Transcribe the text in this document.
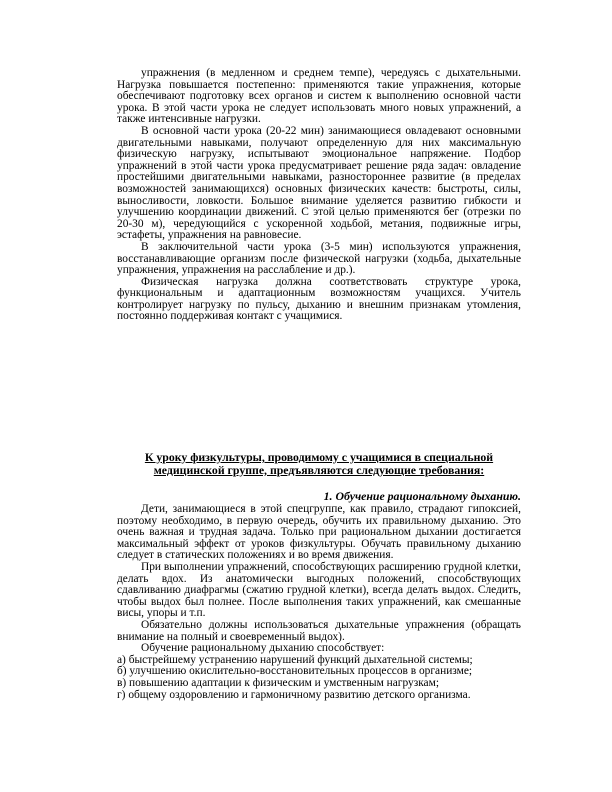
упражнения (в медленном и среднем темпе), чередуясь с дыхательными. Нагрузка повышается постепенно: применяются такие упражнения, которые обеспечивают подготовку всех органов и систем к выполнению основной части урока. В этой части урока не следует использовать много новых упражнений, а также интенсивные нагрузки.

В основной части урока (20-22 мин) занимающиеся овладевают основными двигательными навыками, получают определенную для них максимальную физическую нагрузку, испытывают эмоциональное напряжение. Подбор упражнений в этой части урока предусматривает решение ряда задач: овладение простейшими двигательными навыками, разностороннее развитие (в пределах возможностей занимающихся) основных физических качеств: быстроты, силы, выносливости, ловкости. Большое внимание уделяется развитию гибкости и улучшению координации движений. С этой целью применяются бег (отрезки по 20-30 м), чередующийся с ускоренной ходьбой, метания, подвижные игры, эстафеты, упражнения на равновесие.

В заключительной части урока (3-5 мин) используются упражнения, восстанавливающие организм после физической нагрузки (ходьба, дыхательные упражнения, упражнения на расслабление и др.).

Физическая нагрузка должна соответствовать структуре урока, функциональным и адаптационным возможностям учащихся. Учитель контролирует нагрузку по пульсу, дыханию и внешним признакам утомления, постоянно поддерживая контакт с учащимися.

К уроку физкультуры, проводимому с учащимися в специальной медицинской группе, предъявляются следующие требования:
1. Обучение рациональному дыханию.

Дети, занимающиеся в этой спецгруппе, как правило, страдают гипоксией, поэтому необходимо, в первую очередь, обучить их правильному дыханию. Это очень важная и трудная задача. Только при рациональном дыхании достигается максимальный эффект от уроков физкультуры. Обучать правильному дыханию следует в статических положениях и во время движения.

При выполнении упражнений, способствующих расширению грудной клетки, делать вдох. Из анатомически выгодных положений, способствующих сдавливанию диафрагмы (сжатию грудной клетки), всегда делать выдох. Следить, чтобы выдох был полнее. После выполнения таких упражнений, как смешанные висы, упоры и т.п.

Обязательно должны использоваться дыхательные упражнения (обращать внимание на полный и своевременный выдох).

Обучение рациональному дыханию способствует:

а) быстрейшему устранению нарушений функций дыхательной системы;

б) улучшению окислительно-восстановительных процессов в организме;

в) повышению адаптации к физическим и умственным нагрузкам;

г) общему оздоровлению и гармоничному развитию детского организма.
